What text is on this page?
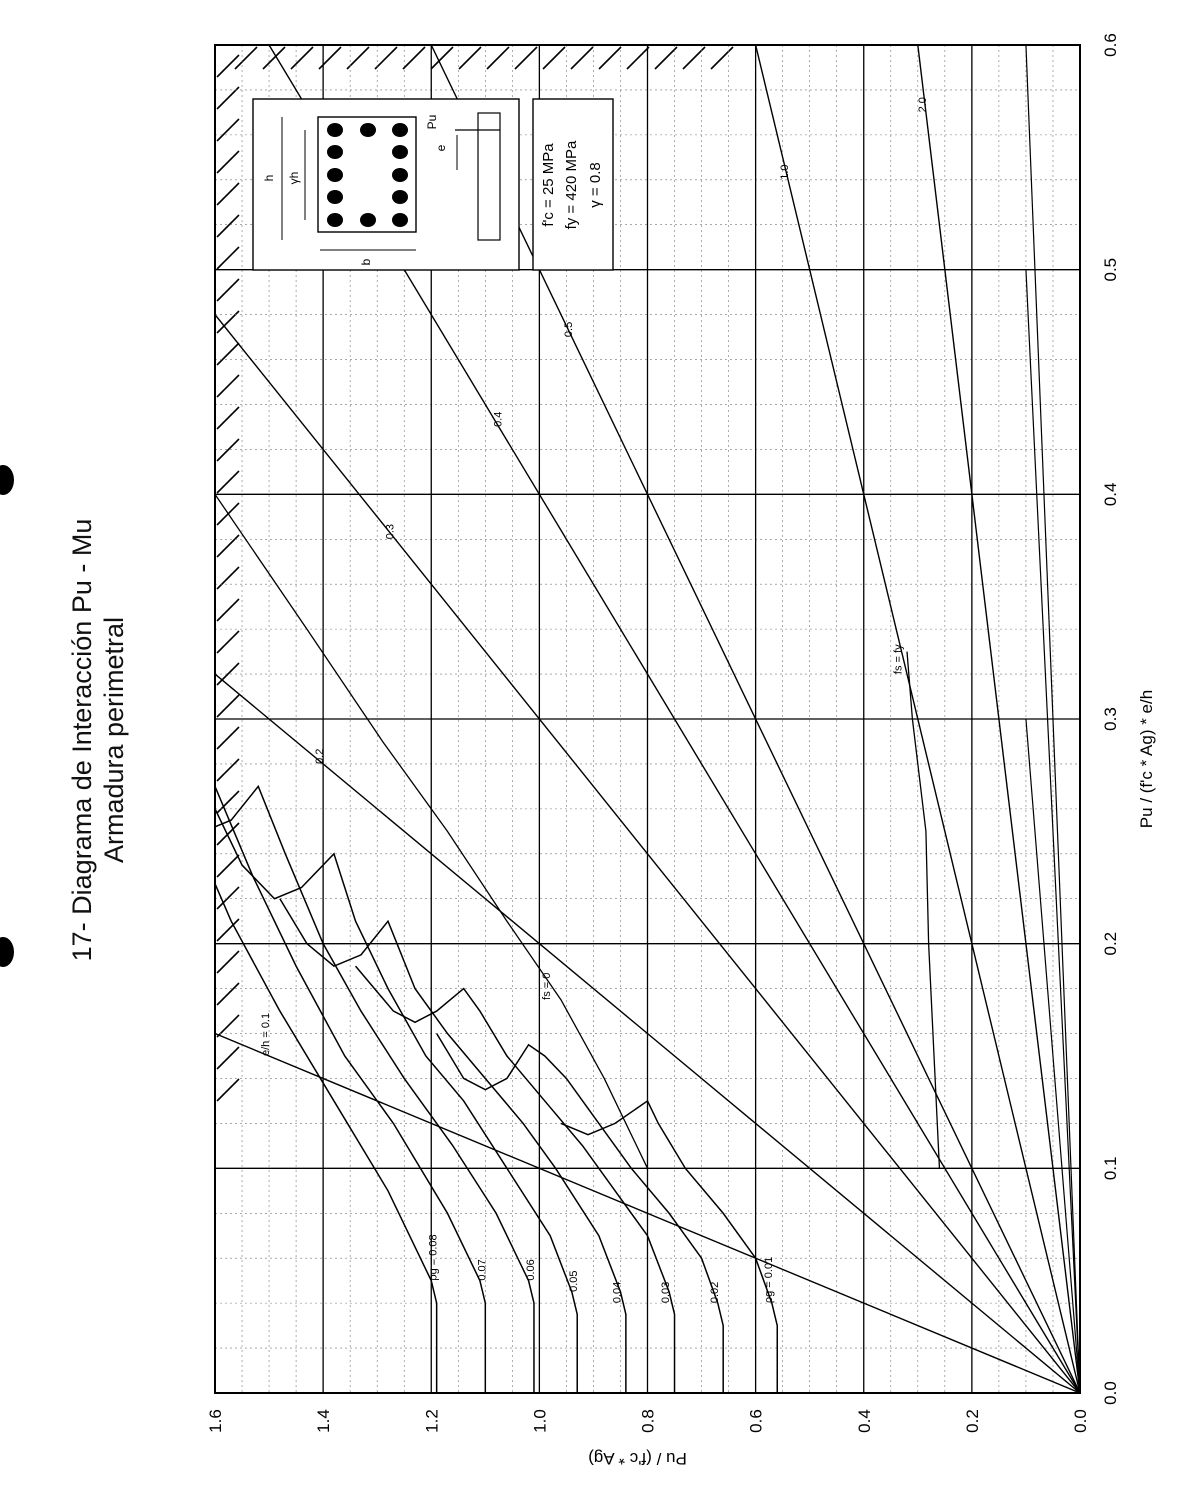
17- Diagrama de Interacción Pu - Mu Armadura perimetral
0.0
0.1
0.2
0.3
0.4
0.5
0.6
0.0
0.2
0.4
0.6
0.8
1.0
1.2
1.4
1.6
Pu / (f'c * Ag) * e/h
Pu / (f'c * Ag)
ρg = 0.01
0.02
0.03
0.04
0.05
0.06
0.07
ρg = 0.08
e/h = 0.1
0.2
0.3
0.4
0.5
1.0
2.0
fs = 0
fs = fy
h γh
b
e
Pu
f'c = 25 MPa fy = 420 MPa γ = 0.8
